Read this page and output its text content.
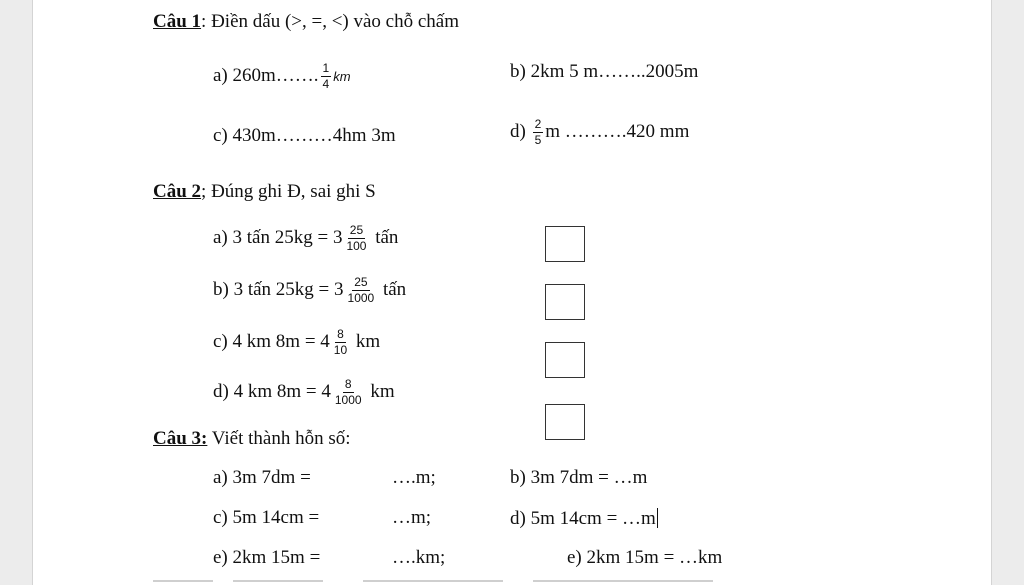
Câu 1: Điền dấu (>, =, <) vào chỗ chấm
a) 260m……. $\frac{1}{4}$ km	b) 2km 5 m……..2005m
c) 430m………4hm 3m	$d) \frac{2}{5}$ m ……….420 mm
Câu 2; Đúng ghi Đ, sai ghi S
a) 3 tấn $25kg = 3 \frac{25}{100}$ tấn
b) 3 tấn $25kg = 3 \frac{25}{1000}$ tấn
c) 4 km $8m = 4 \frac{8}{10}$ km
d) 4 km $8m = 4 \frac{8}{1000}$ km
Câu 3: Viết thành hỗn số:
a) 3m 7dm =	….m;	b) 3m 7dm = …m
c) 5m 14cm =	…m;	d) 5m 14cm = …m
e) 2km 15m =	….km;	e) 2km 15m = …km
